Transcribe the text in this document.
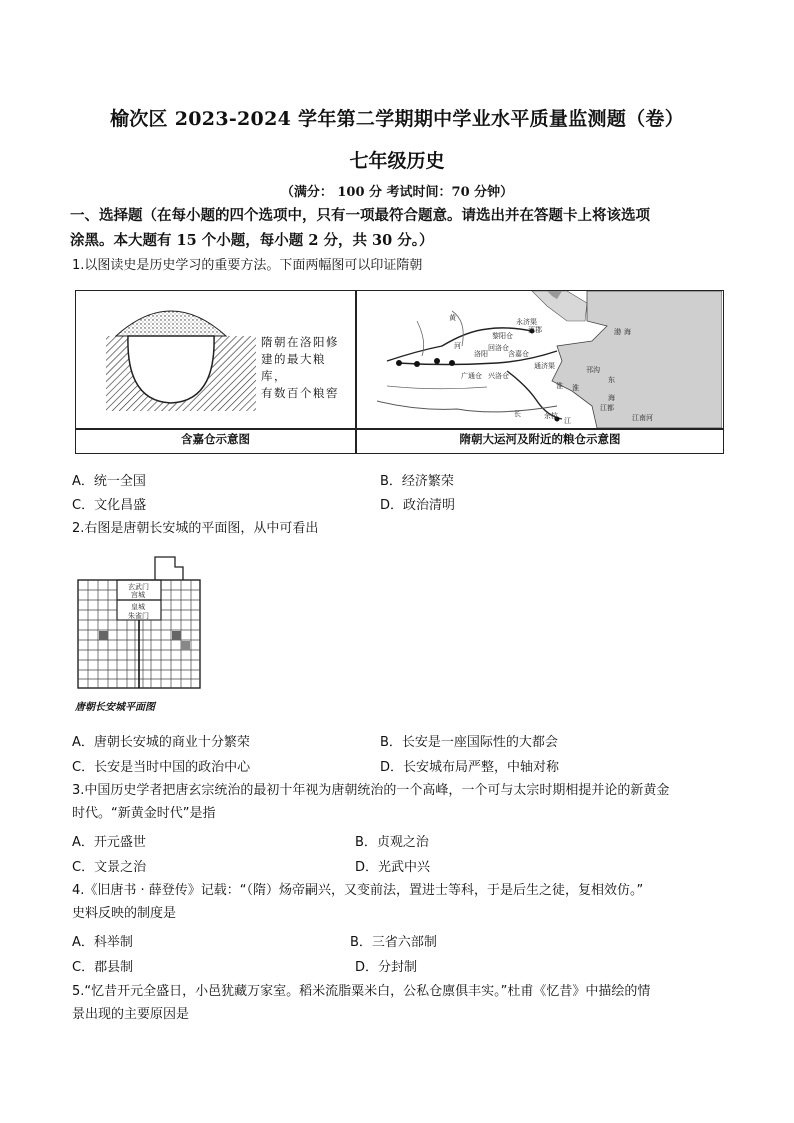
榆次区 2023-2024 学年第二学期期中学业水平质量监测题（卷）
七年级历史
（满分： 100 分 考试时间：70 分钟）
一、选择题（在每小题的四个选项中，只有一项最符合题意。请选出并在答题卡上将该选项
涂黑。本大题有 15 个小题，每小题 2 分，共 30 分。）
1.以图读史是历史学习的重要方法。下面两幅图可以印证隋朝
隋朝在洛阳修
建的最大粮库，
有数百个粮窖
黄
河
渤 海
东
海
江
长
淮 淮
涿郡
黎阳仓
洛阳
回洛仓
含嘉仓
广通仓 兴洛仓
余杭
江都
永济渠
通济渠	邗沟
江南河
含嘉仓示意图	隋朝大运河及附近的粮仓示意图
A．统一全国	B．经济繁荣
C．文化昌盛	D．政治清明
2.右图是唐朝长安城的平面图，从中可看出
玄武门
宫城
皇城
朱雀门
唐朝长安城平面图
A．唐朝长安城的商业十分繁荣	B．长安是一座国际性的大都会
C．长安是当时中国的政治中心	D．长安城布局严整，中轴对称
3.中国历史学者把唐玄宗统治的最初十年视为唐朝统治的一个高峰，一个可与太宗时期相提并论的新黄金
时代。“新黄金时代”是指
A．开元盛世	B．贞观之治
C．文景之治	D．光武中兴
4.《旧唐书 · 薛登传》记载：“（隋）炀帝嗣兴，又变前法，置进士等科，于是后生之徒，复相效仿。”
史料反映的制度是
A．科举制	B．三省六部制
C．郡县制	D．分封制
5.“忆昔开元全盛日，小邑犹藏万家室。稻米流脂粟米白，公私仓廪俱丰实。”杜甫《忆昔》中描绘的情
景出现的主要原因是
